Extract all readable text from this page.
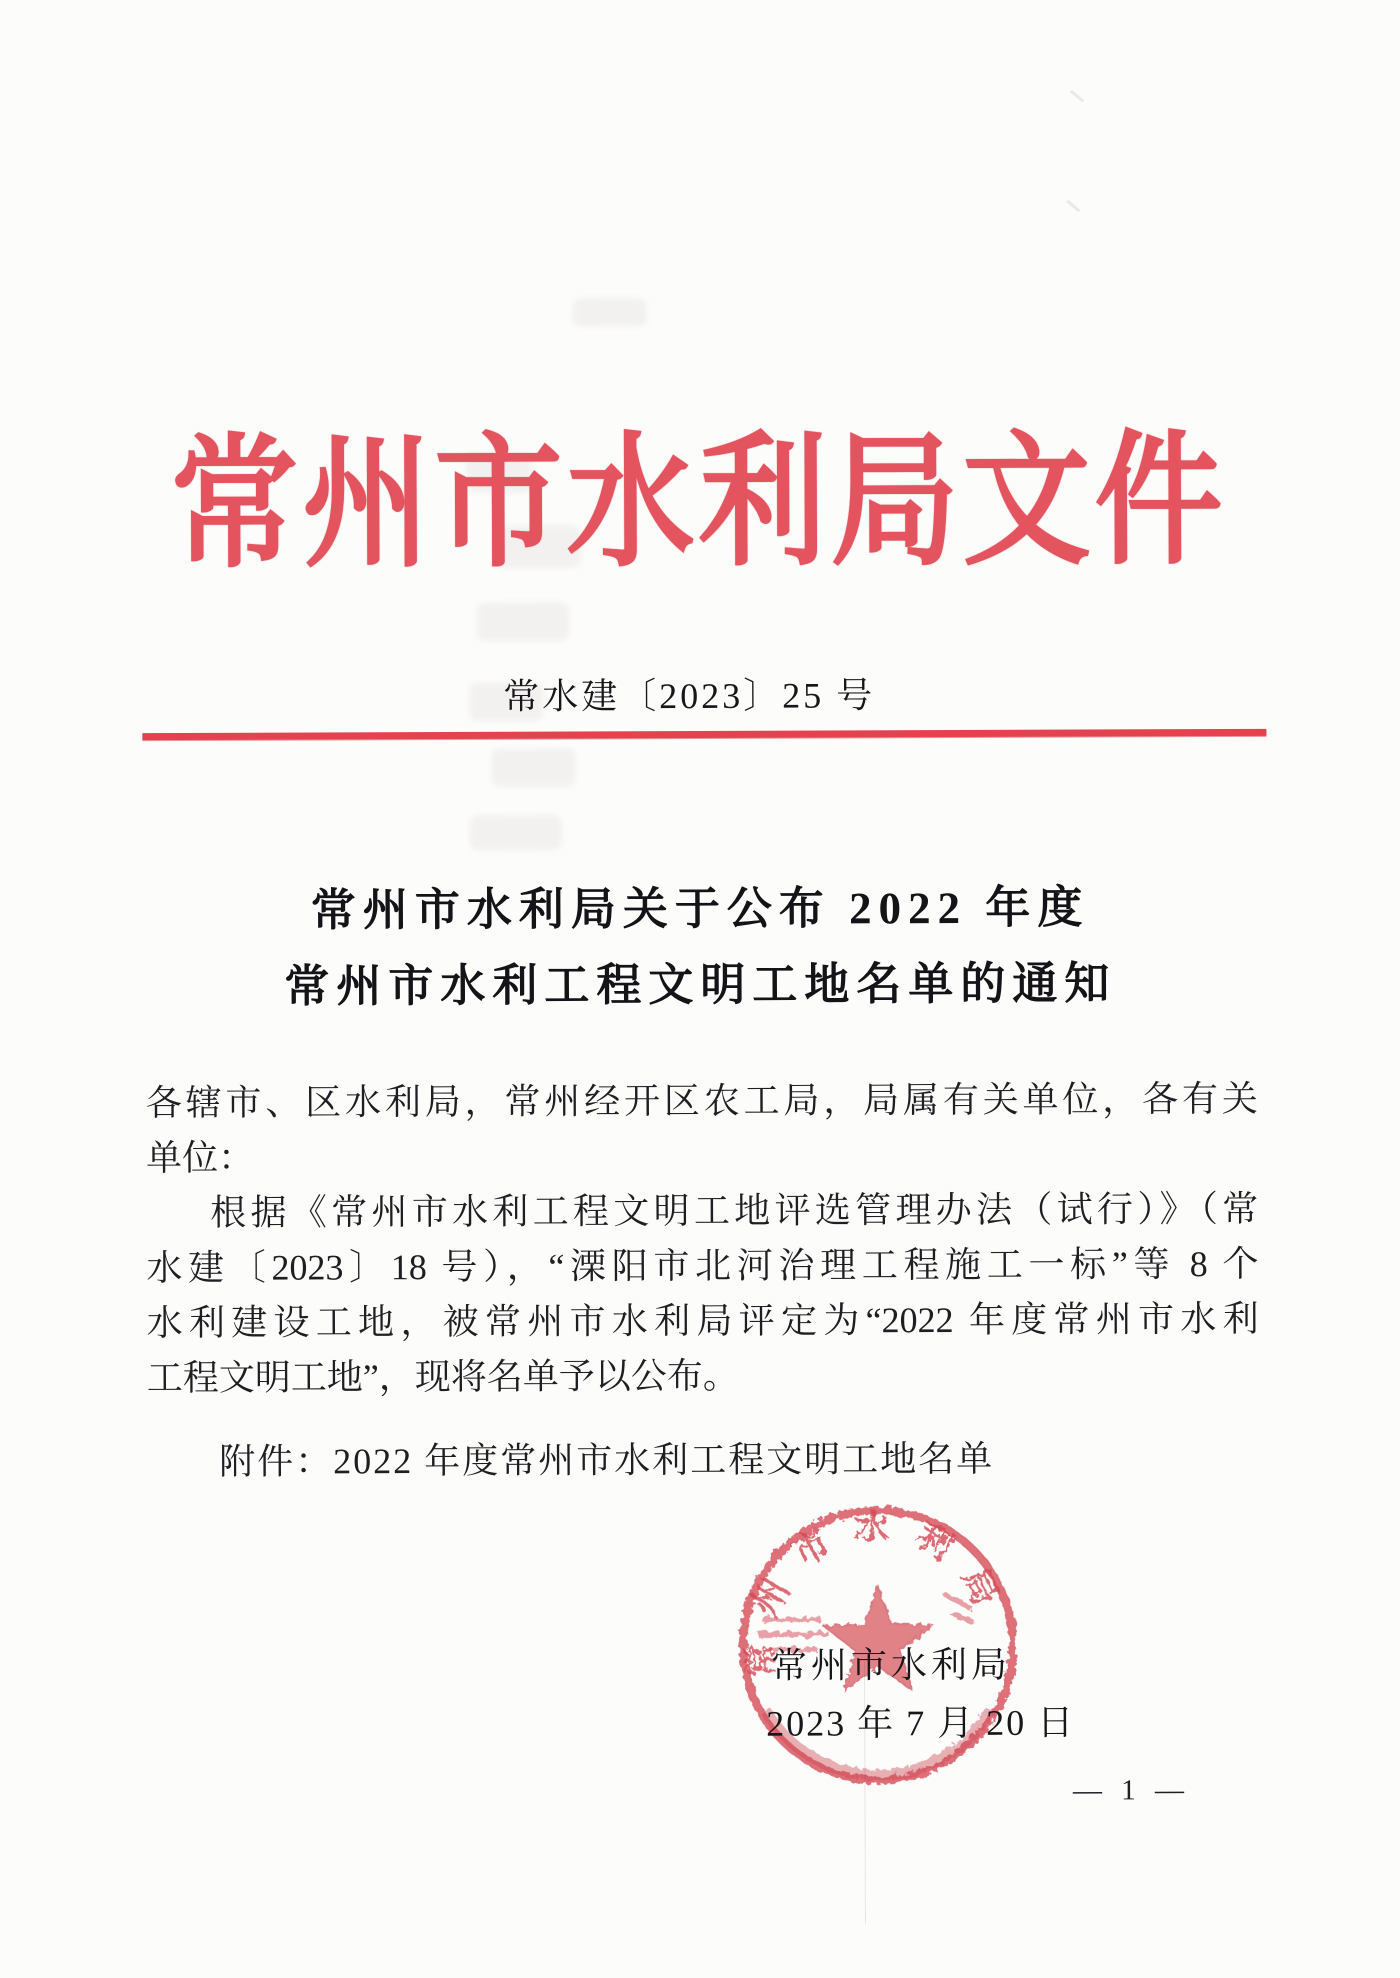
常州市水利局文件
常水建〔2023〕25 号
常州市水利局关于公布 2022 年度
常州市水利工程文明工地名单的通知
各辖市、区水利局，常州经开区农工局，局属有关单位，各有关
单位：
根据《常州市水利工程文明工地评选管理办法（试行）》（常
水建〔2023〕18 号），“溧阳市北河治理工程施工一标”等 8 个
水利建设工地，被常州市水利局评定为“2022 年度常州市水利
工程文明工地”，现将名单予以公布。
附件：2022 年度常州市水利工程文明工地名单
常州市水利局
常州市水利局
2023 年 7 月 20 日
— 1 —
